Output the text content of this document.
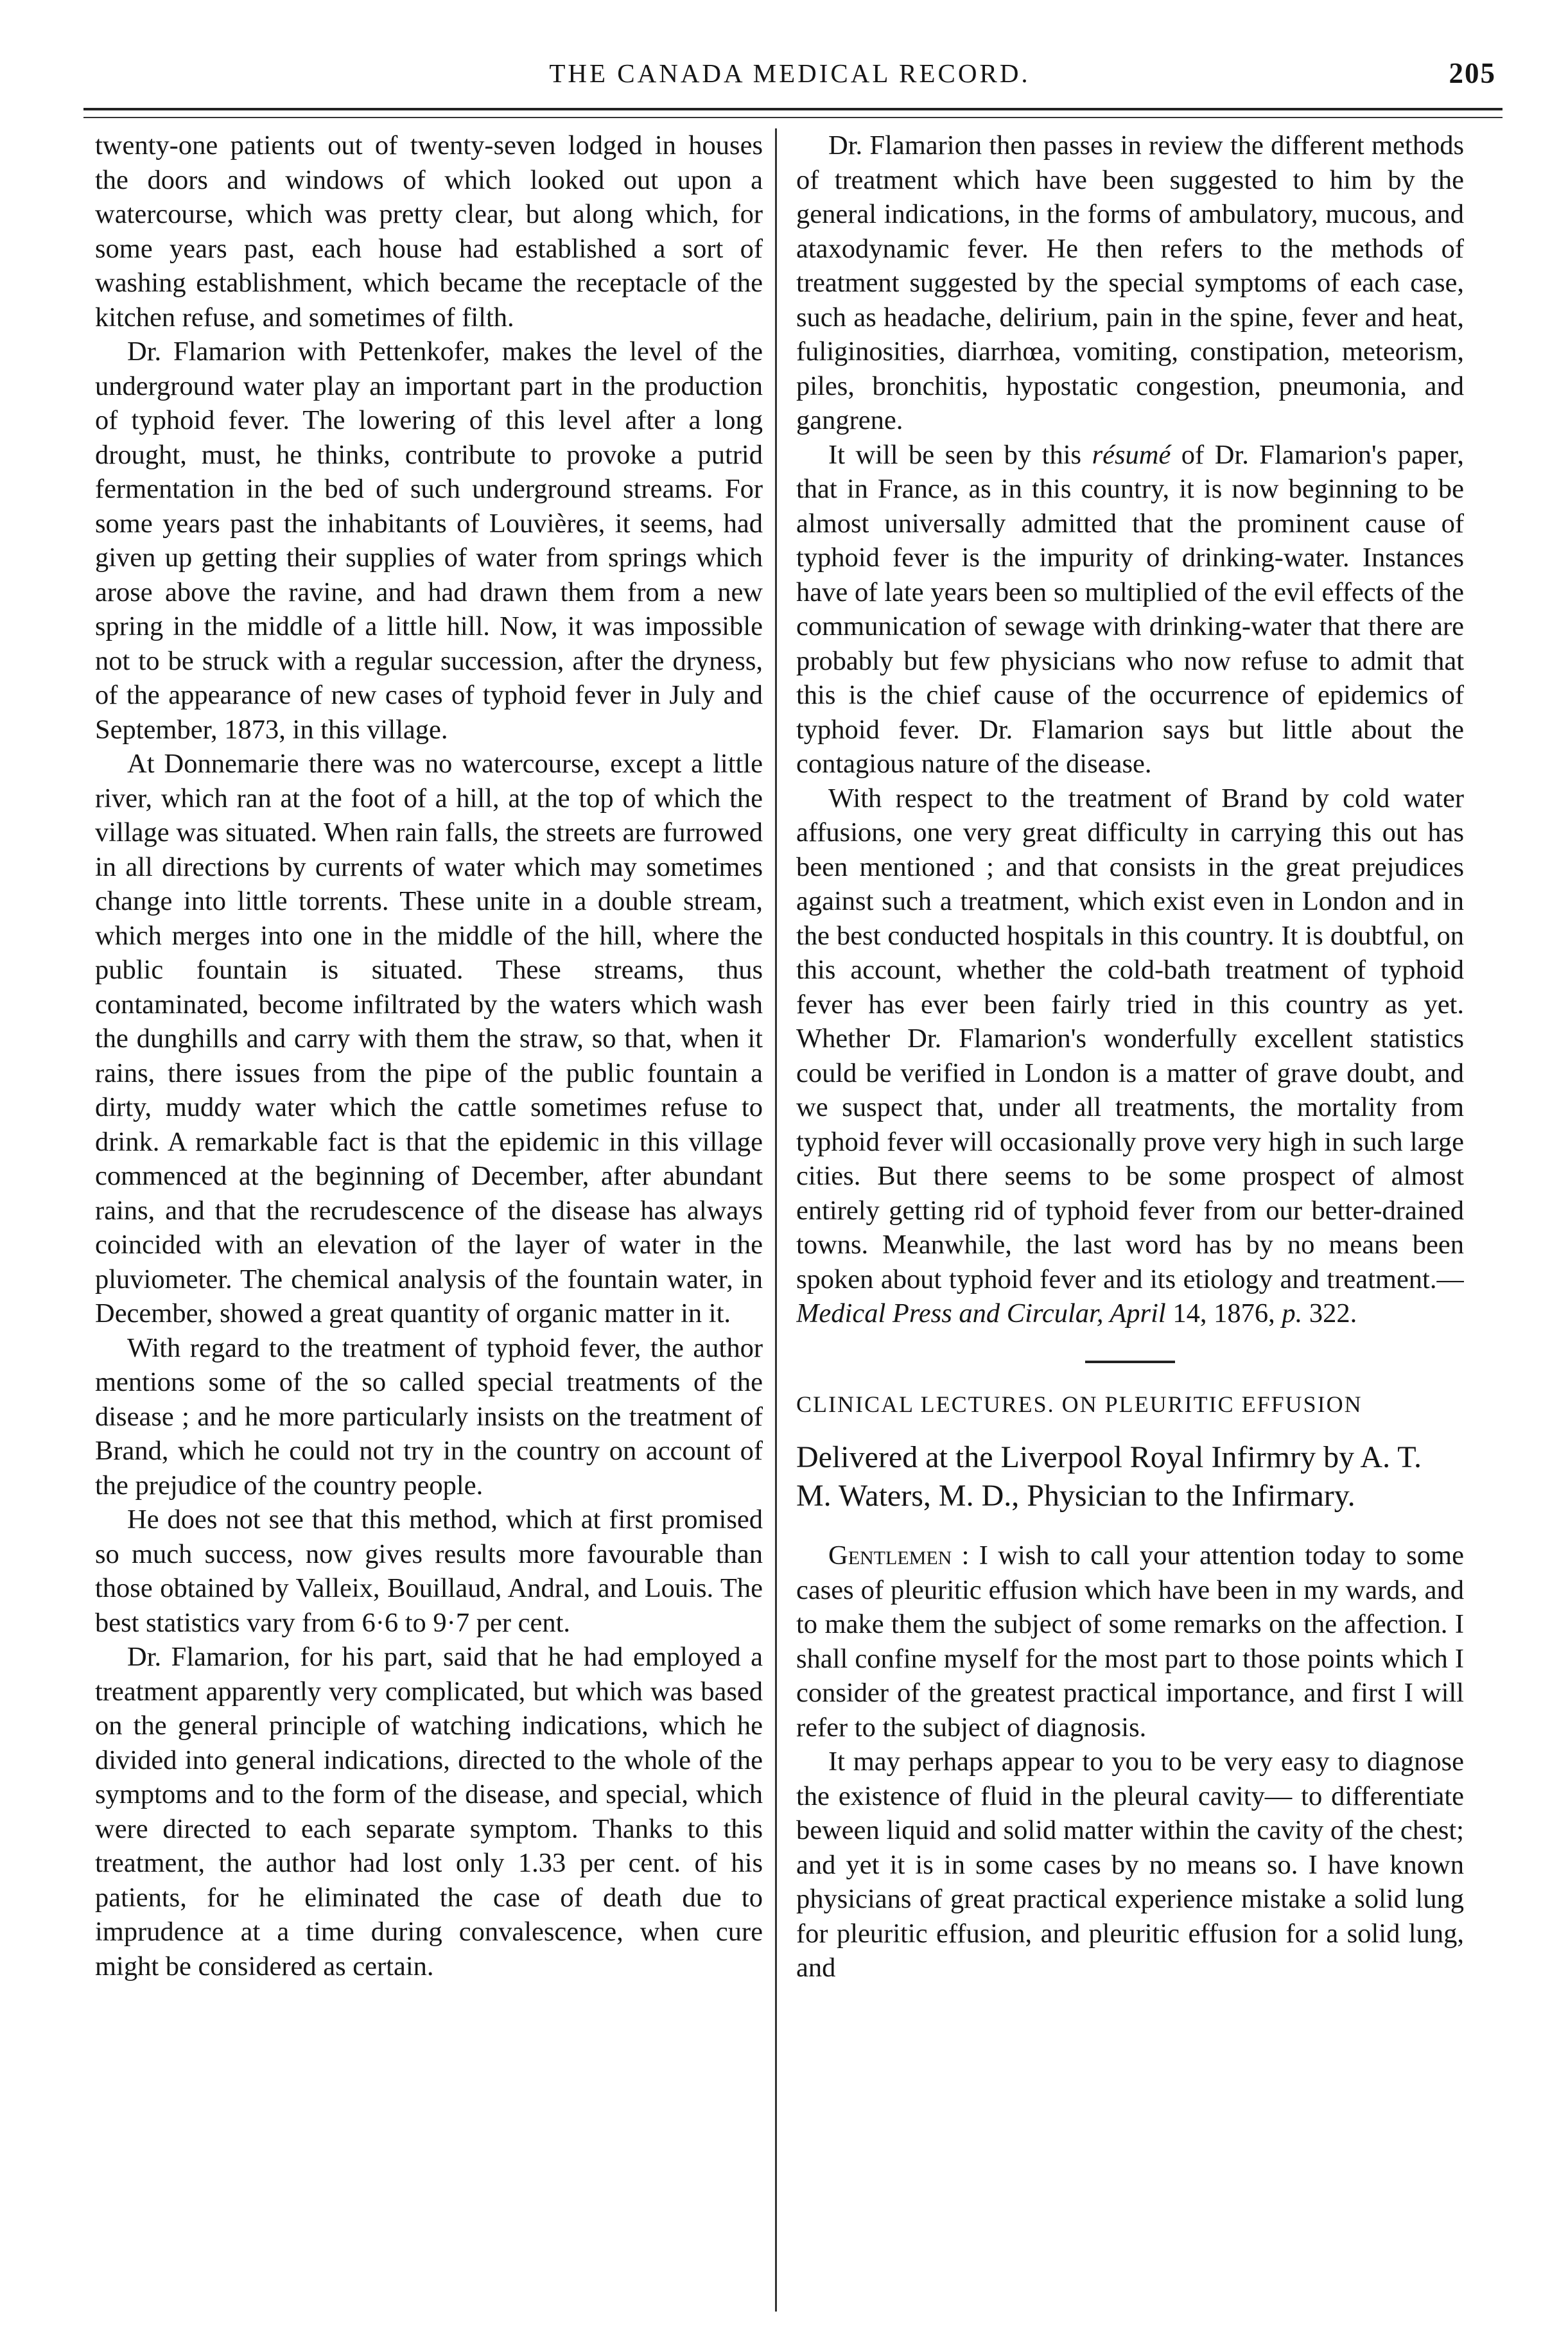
THE CANADA MEDICAL RECORD.	205

twenty-one patients out of twenty-seven lodged in houses the doors and windows of which looked out upon a watercourse, which was pretty clear, but along which, for some years past, each house had established a sort of washing establishment, which became the receptacle of the kitchen refuse, and sometimes of filth.

Dr. Flamarion with Pettenkofer, makes the level of the underground water play an important part in the production of typhoid fever. The lowering of this level after a long drought, must, he thinks, contribute to provoke a putrid fermentation in the bed of such underground streams. For some years past the inhabitants of Louvières, it seems, had given up getting their supplies of water from springs which arose above the ravine, and had drawn them from a new spring in the middle of a little hill. Now, it was impossible not to be struck with a regular succession, after the dryness, of the appearance of new cases of typhoid fever in July and September, 1873, in this village.

At Donnemarie there was no watercourse, except a little river, which ran at the foot of a hill, at the top of which the village was situated. When rain falls, the streets are furrowed in all directions by currents of water which may sometimes change into little torrents. These unite in a double stream, which merges into one in the middle of the hill, where the public fountain is situated. These streams, thus contaminated, become infiltrated by the waters which wash the dunghills and carry with them the straw, so that, when it rains, there issues from the pipe of the public fountain a dirty, muddy water which the cattle sometimes refuse to drink. A remarkable fact is that the epidemic in this village commenced at the beginning of December, after abundant rains, and that the recrudescence of the disease has always coincided with an elevation of the layer of water in the pluviometer. The chemical analysis of the fountain water, in December, showed a great quantity of organic matter in it.

With regard to the treatment of typhoid fever, the author mentions some of the so called special treatments of the disease ; and he more particularly insists on the treatment of Brand, which he could not try in the country on account of the prejudice of the country people.

He does not see that this method, which at first promised so much success, now gives results more favourable than those obtained by Valleix, Bouillaud, Andral, and Louis. The best statistics vary from 6·6 to 9·7 per cent.

Dr. Flamarion, for his part, said that he had employed a treatment apparently very complicated, but which was based on the general principle of watching indications, which he divided into general indications, directed to the whole of the symptoms and to the form of the disease, and special, which were directed to each separate symptom. Thanks to this treatment, the author had lost only 1.33 per cent. of his patients, for he eliminated the case of death due to imprudence at a time during convalescence, when cure might be considered as certain.

Dr. Flamarion then passes in review the different methods of treatment which have been suggested to him by the general indications, in the forms of ambulatory, mucous, and ataxodynamic fever. He then refers to the methods of treatment suggested by the special symptoms of each case, such as headache, delirium, pain in the spine, fever and heat, fuliginosities, diarrhœa, vomiting, constipation, meteorism, piles, bronchitis, hypostatic congestion, pneumonia, and gangrene.

It will be seen by this résumé of Dr. Flamarion's paper, that in France, as in this country, it is now beginning to be almost universally admitted that the prominent cause of typhoid fever is the impurity of drinking-water. Instances have of late years been so multiplied of the evil effects of the communication of sewage with drinking-water that there are probably but few physicians who now refuse to admit that this is the chief cause of the occurrence of epidemics of typhoid fever. Dr. Flamarion says but little about the contagious nature of the disease.

With respect to the treatment of Brand by cold water affusions, one very great difficulty in carrying this out has been mentioned ; and that consists in the great prejudices against such a treatment, which exist even in London and in the best conducted hospitals in this country. It is doubtful, on this account, whether the cold-bath treatment of typhoid fever has ever been fairly tried in this country as yet. Whether Dr. Flamarion's wonderfully excellent statistics could be verified in London is a matter of grave doubt, and we suspect that, under all treatments, the mortality from typhoid fever will occasionally prove very high in such large cities. But there seems to be some prospect of almost entirely getting rid of typhoid fever from our better-drained towns. Meanwhile, the last word has by no means been spoken about typhoid fever and its etiology and treatment.—Medical Press and Circular, April 14, 1876, p. 322.

CLINICAL LECTURES. ON PLEURITIC EFFUSION

Delivered at the Liverpool Royal Infirmry by A. T. M. Waters, M. D., Physician to the Infirmary.

Gentlemen : I wish to call your attention today to some cases of pleuritic effusion which have been in my wards, and to make them the subject of some remarks on the affection. I shall confine myself for the most part to those points which I consider of the greatest practical importance, and first I will refer to the subject of diagnosis.

It may perhaps appear to you to be very easy to diagnose the existence of fluid in the pleural cavity— to differentiate beween liquid and solid matter within the cavity of the chest; and yet it is in some cases by no means so. I have known physicians of great practical experience mistake a solid lung for pleuritic effusion, and pleuritic effusion for a solid lung, and
